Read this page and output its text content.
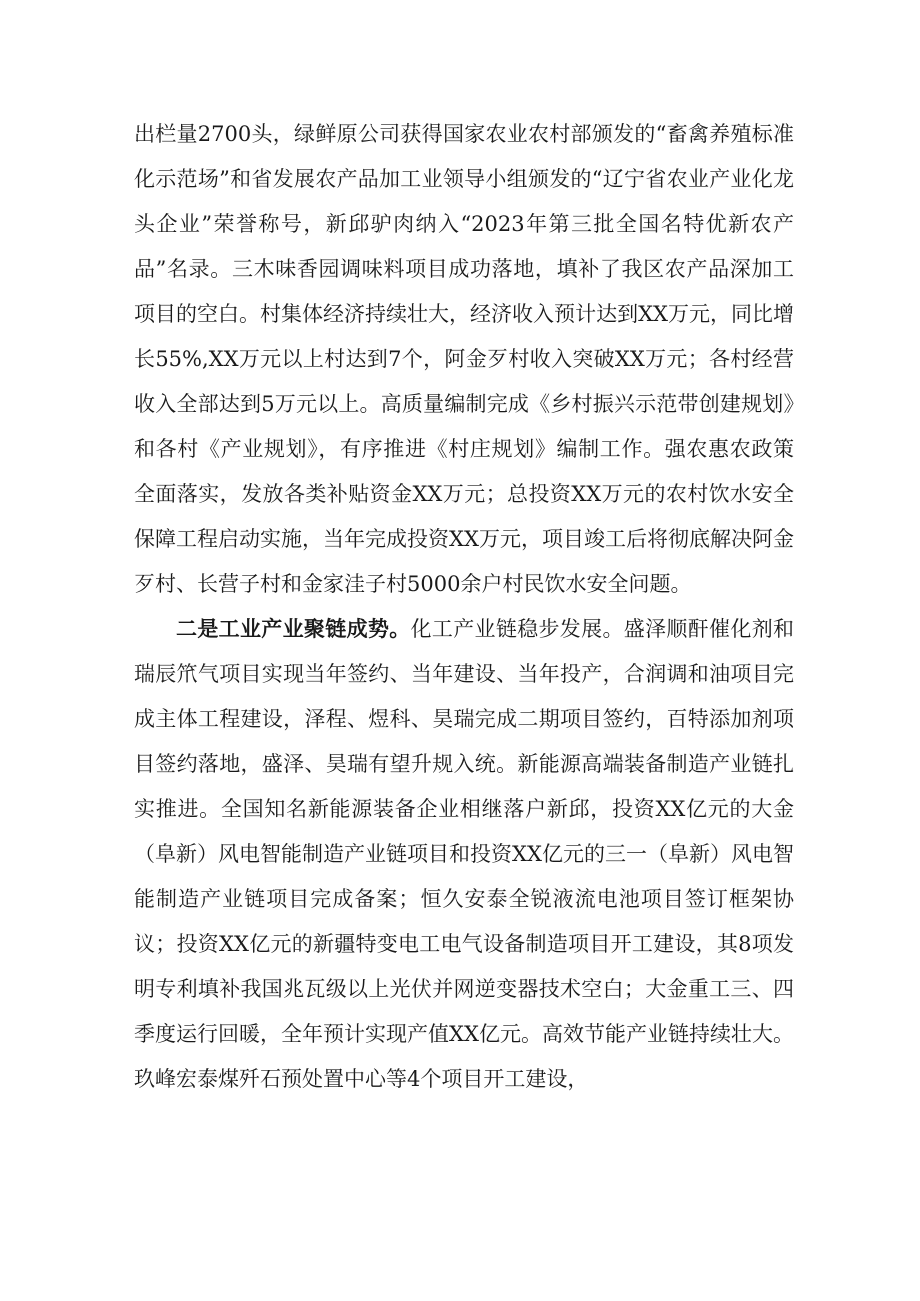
出栏量2700头，绿鲜原公司获得国家农业农村部颁发的“畜禽养殖标准化示范场”和省发展农产品加工业领导小组颁发的“辽宁省农业产业化龙头企业”荣誉称号，新邱驴肉纳入“2023年第三批全国名特优新农产品”名录。三木味香园调味料项目成功落地，填补了我区农产品深加工项目的空白。村集体经济持续壮大，经济收入预计达到XX万元，同比增长55%,XX万元以上村达到7个，阿金歹村收入突破XX万元；各村经营收入全部达到5万元以上。高质量编制完成《乡村振兴示范带创建规划》和各村《产业规划》，有序推进《村庄规划》编制工作。强农惠农政策全面落实，发放各类补贴资金XX万元；总投资XX万元的农村饮水安全保障工程启动实施，当年完成投资XX万元，项目竣工后将彻底解决阿金歹村、长营子村和金家洼子村5000余户村民饮水安全问题。

二是工业产业聚链成势。化工产业链稳步发展。盛泽顺酐催化剂和瑞辰笊气项目实现当年签约、当年建设、当年投产，合润调和油项目完成主体工程建设，泽程、煜科、昊瑞完成二期项目签约，百特添加剂项目签约落地，盛泽、昊瑞有望升规入统。新能源高端装备制造产业链扎实推进。全国知名新能源装备企业相继落户新邱，投资XX亿元的大金（阜新）风电智能制造产业链项目和投资XX亿元的三一（阜新）风电智能制造产业链项目完成备案；恒久安泰全锐液流电池项目签订框架协议；投资XX亿元的新疆特变电工电气设备制造项目开工建设，其8项发明专利填补我国兆瓦级以上光伏并网逆变器技术空白；大金重工三、四季度运行回暖，全年预计实现产值XX亿元。高效节能产业链持续壮大。玖峰宏泰煤歼石预处置中心等4个项目开工建设，
